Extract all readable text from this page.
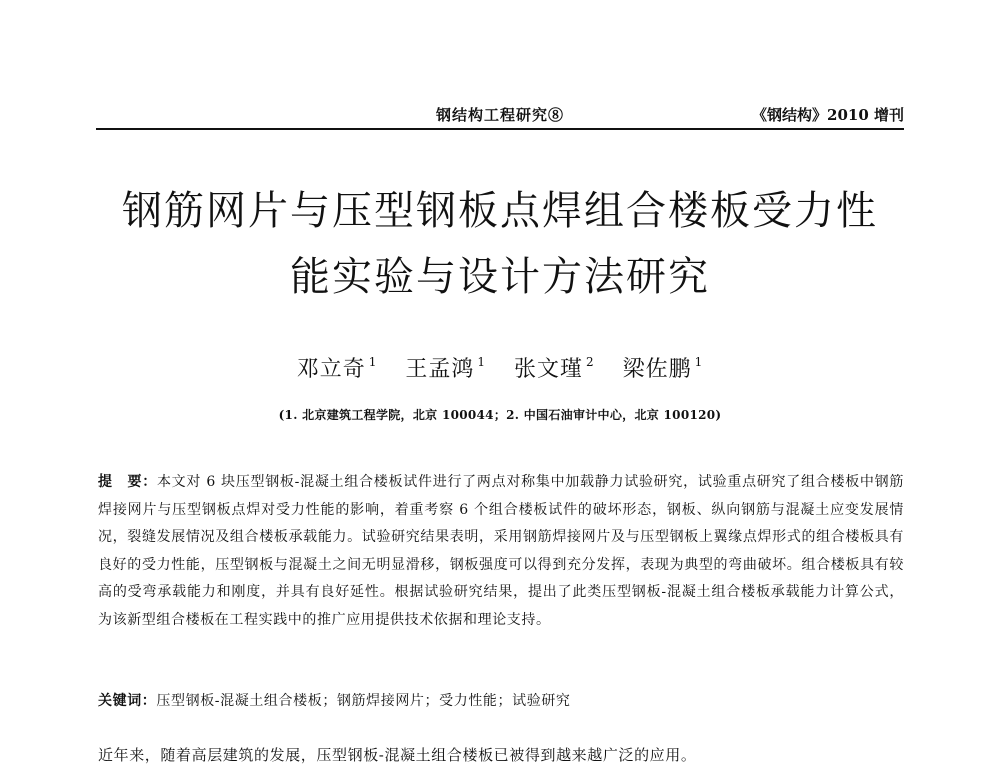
钢结构工程研究⑧	《钢结构》2010 增刊
钢筋网片与压型钢板点焊组合楼板受力性
能实验与设计方法研究
邓立奇 $^1$ 王孟鸿 $^1$ 张文瑾 $^2$ 梁佐鹏 $^1$
(1. 北京建筑工程学院，北京 100044；2. 中国石油审计中心，北京 100120)
提　要：本文对 6 块压型钢板-混凝土组合楼板试件进行了两点对称集中加载静力试验研究，试验重点研究了组合楼板中钢筋焊接网片与压型钢板点焊对受力性能的影响，着重考察 6 个组合楼板试件的破坏形态，钢板、纵向钢筋与混凝土应变发展情况，裂缝发展情况及组合楼板承载能力。试验研究结果表明，采用钢筋焊接网片及与压型钢板上翼缘点焊形式的组合楼板具有良好的受力性能，压型钢板与混凝土之间无明显滑移，钢板强度可以得到充分发挥，表现为典型的弯曲破坏。组合楼板具有较高的受弯承载能力和刚度，并具有良好延性。根据试验研究结果，提出了此类压型钢板-混凝土组合楼板承载能力计算公式，为该新型组合楼板在工程实践中的推广应用提供技术依据和理论支持。
关键词：压型钢板-混凝土组合楼板；钢筋焊接网片；受力性能；试验研究
近年来，随着高层建筑的发展，压型钢板-混凝土组合楼板已被得到越来越广泛的应用。
